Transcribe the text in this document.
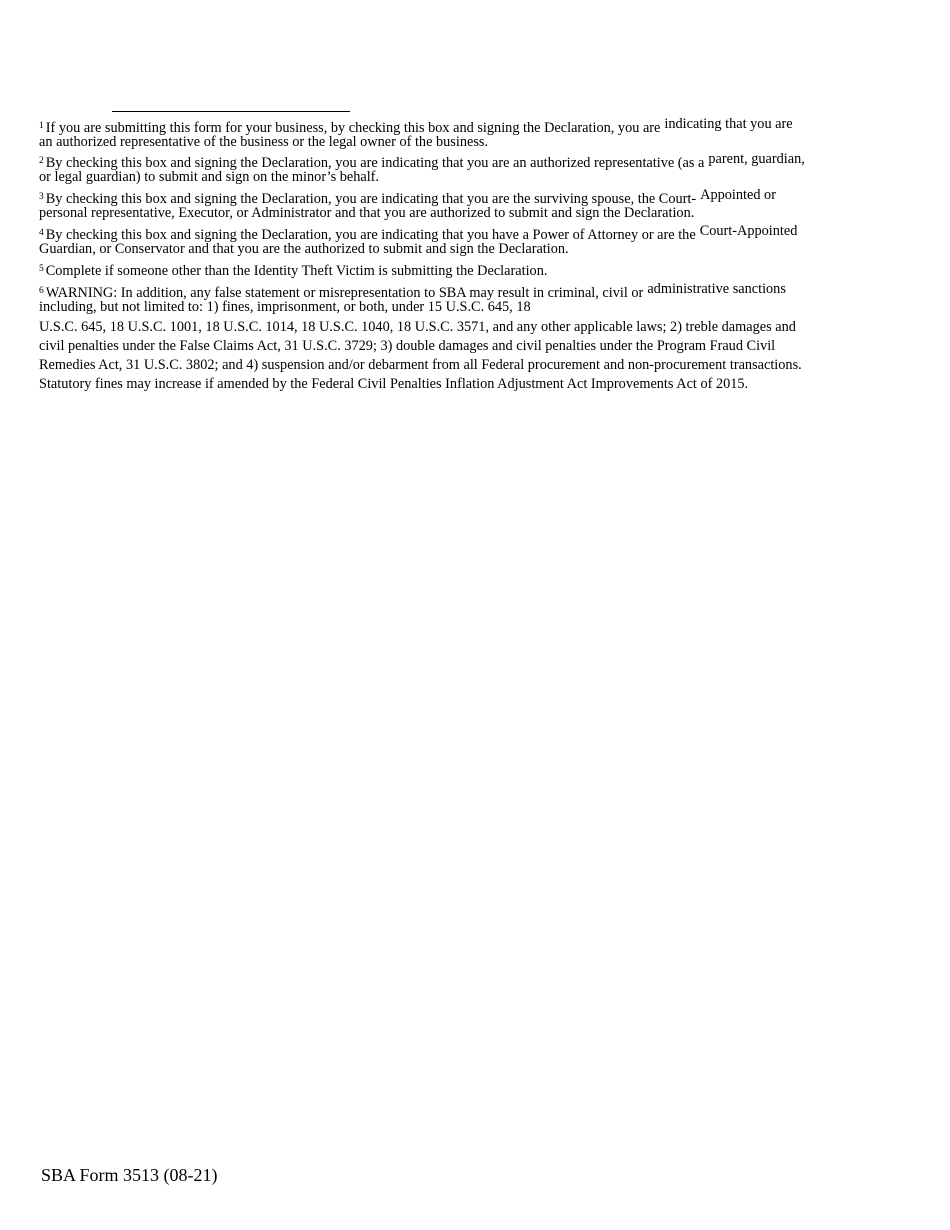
$^1$ If you are submitting this form for your business, by checking this box and signing the Declaration, you are indicating that you are
an authorized representative of the business or the legal owner of the business.
$^2$ By checking this box and signing the Declaration, you are indicating that you are an authorized representative (as a parent, guardian,
or legal guardian) to submit and sign on the minor’s behalf.
$^3$ By checking this box and signing the Declaration, you are indicating that you are the surviving spouse, the Court- Appointed or
personal representative, Executor, or Administrator and that you are authorized to submit and sign the Declaration.
$^4$ By checking this box and signing the Declaration, you are indicating that you have a Power of Attorney or are the Court-Appointed
Guardian, or Conservator and that you are the authorized to submit and sign the Declaration.
$^5$ Complete if someone other than the Identity Theft Victim is submitting the Declaration.
$^6$ WARNING: In addition, any false statement or misrepresentation to SBA may result in criminal, civil or administrative sanctions
including, but not limited to: 1) fines, imprisonment, or both, under 15 U.S.C. 645, 18
U.S.C. 645, 18 U.S.C. 1001, 18 U.S.C. 1014, 18 U.S.C. 1040, 18 U.S.C. 3571, and any other applicable laws; 2) treble damages and
civil penalties under the False Claims Act, 31 U.S.C. 3729; 3) double damages and civil penalties under the Program Fraud Civil
Remedies Act, 31 U.S.C. 3802; and 4) suspension and/or debarment from all Federal procurement and non-procurement transactions.
Statutory fines may increase if amended by the Federal Civil Penalties Inflation Adjustment Act Improvements Act of 2015.
SBA Form 3513 (08-21)
